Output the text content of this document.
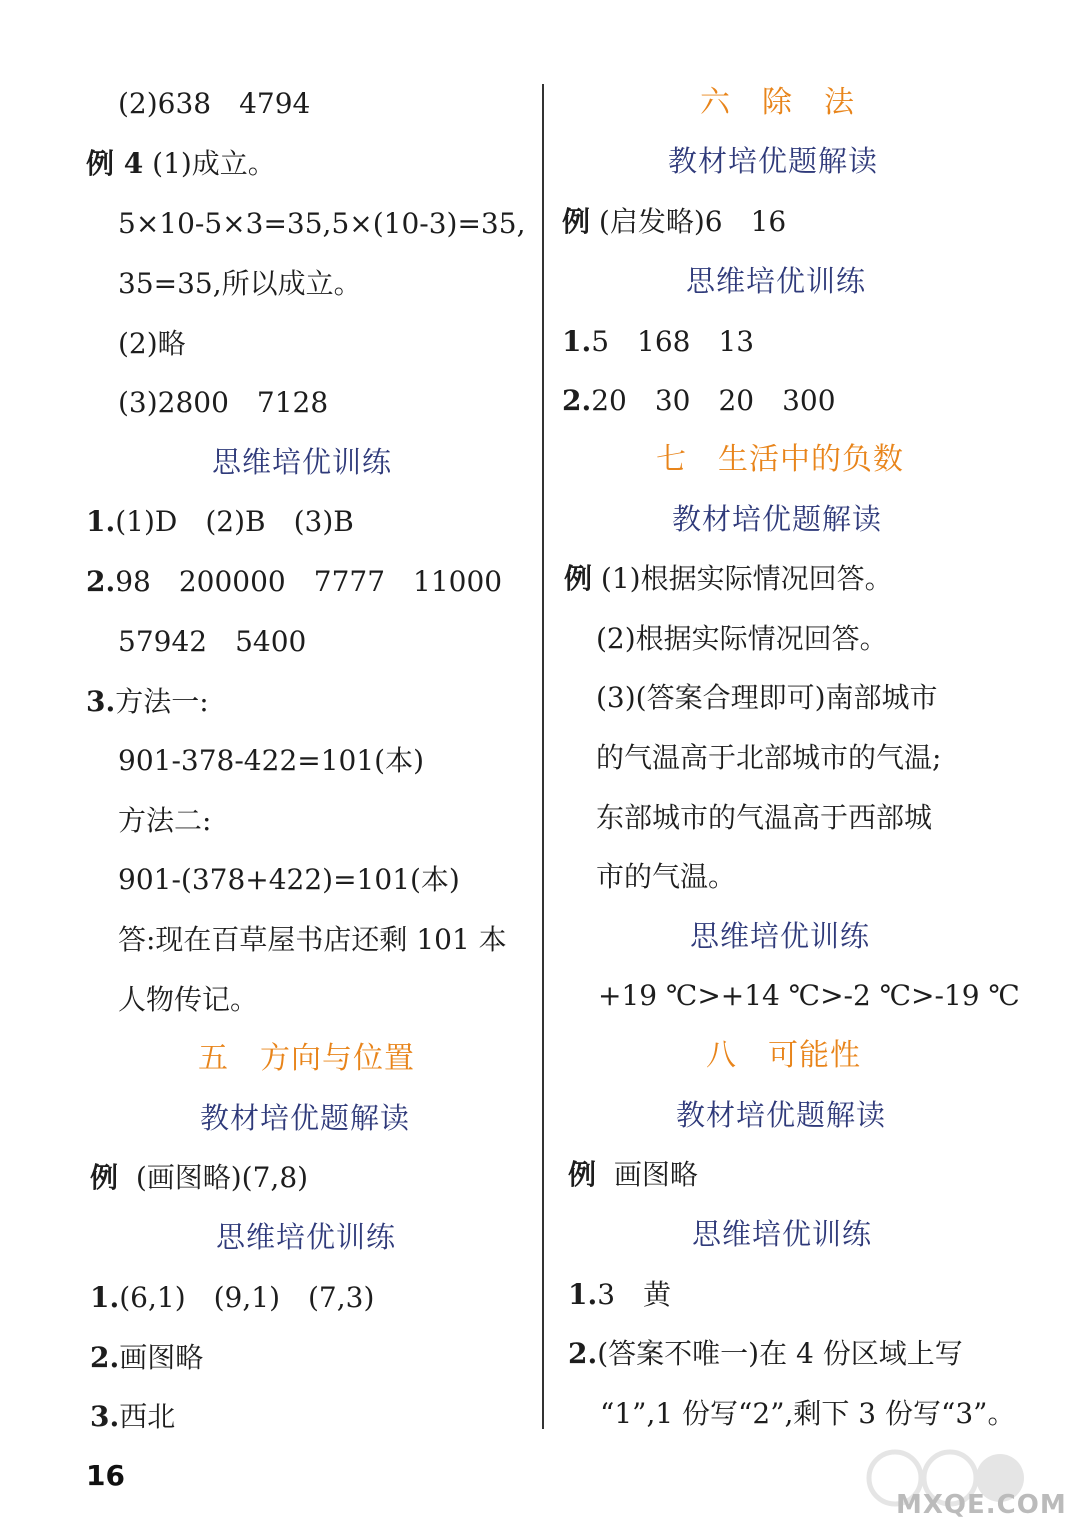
(2)638　4794
例 4 (1)成立。
5×10-5×3=35,5×(10-3)=35,
35=35,所以成立。
(2)略
(3)2800　7128
思维培优训练
1.(1)D　(2)B　(3)B
2.98　200000　7777　11000
57942　5400
3.方法一:
901-378-422=101(本)
方法二:
901-(378+422)=101(本)
答:现在百草屋书店还剩 101 本
人物传记。
五　方向与位置
教材培优题解读
例 (画图略)(7,8)
思维培优训练
1.(6,1)　(9,1)　(7,3)
2.画图略
3.西北
六　除　法
教材培优题解读
例 (启发略)6　16
思维培优训练
1.5　168　13
2.20　30　20　300
七　生活中的负数
教材培优题解读
例 (1)根据实际情况回答。
(2)根据实际情况回答。
(3)(答案合理即可)南部城市
的气温高于北部城市的气温;
东部城市的气温高于西部城
市的气温。
思维培优训练
+19 ℃>+14 ℃>-2 ℃>-19 ℃
八　可能性
教材培优题解读
例 画图略
思维培优训练
1.3　黄
2.(答案不唯一)在 4 份区域上写
“1”,1 份写“2”,剩下 3 份写“3”。
16
MXQE.COM
